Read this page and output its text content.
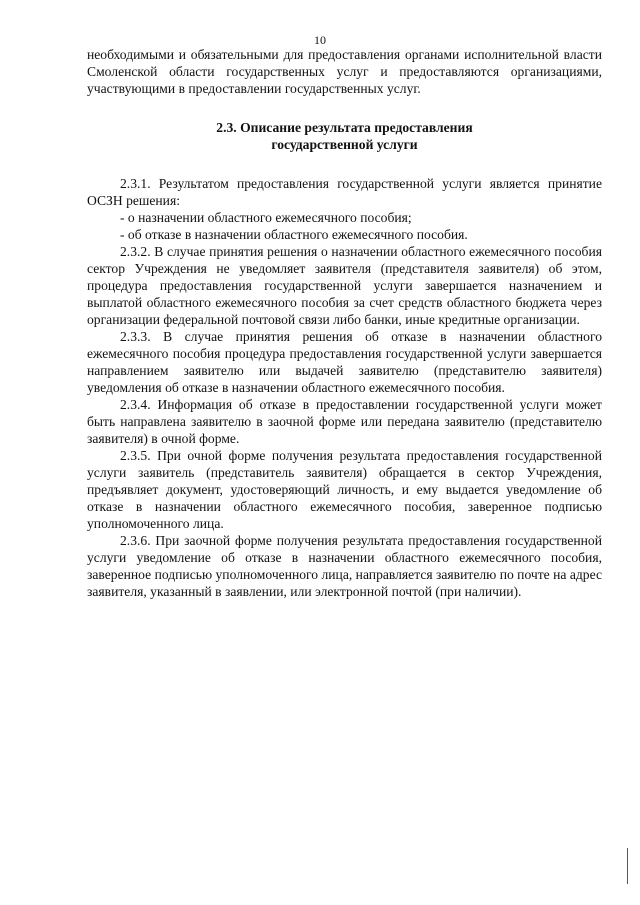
10

необходимыми и обязательными для предоставления органами исполнительной власти Смоленской области государственных услуг и предоставляются организациями, участвующими в предоставлении государственных услуг.

2.3. Описание результата предоставления
государственной услуги

2.3.1. Результатом предоставления государственной услуги является принятие ОСЗН решения:

- о назначении областного ежемесячного пособия;

- об отказе в назначении областного ежемесячного пособия.

2.3.2. В случае принятия решения о назначении областного ежемесячного пособия сектор Учреждения не уведомляет заявителя (представителя заявителя) об этом, процедура предоставления государственной услуги завершается назначением и выплатой областного ежемесячного пособия за счет средств областного бюджета через организации федеральной почтовой связи либо банки, иные кредитные организации.

2.3.3. В случае принятия решения об отказе в назначении областного ежемесячного пособия процедура предоставления государственной услуги завершается направлением заявителю или выдачей заявителю (представителю заявителя) уведомления об отказе в назначении областного ежемесячного пособия.

2.3.4. Информация об отказе в предоставлении государственной услуги может быть направлена заявителю в заочной форме или передана заявителю (представителю заявителя) в очной форме.

2.3.5. При очной форме получения результата предоставления государственной услуги заявитель (представитель заявителя) обращается в сектор Учреждения, предъявляет документ, удостоверяющий личность, и ему выдается уведомление об отказе в назначении областного ежемесячного пособия, заверенное подписью уполномоченного лица.

2.3.6. При заочной форме получения результата предоставления государственной услуги уведомление об отказе в назначении областного ежемесячного пособия, заверенное подписью уполномоченного лица, направляется заявителю по почте на адрес заявителя, указанный в заявлении, или электронной почтой (при наличии).
